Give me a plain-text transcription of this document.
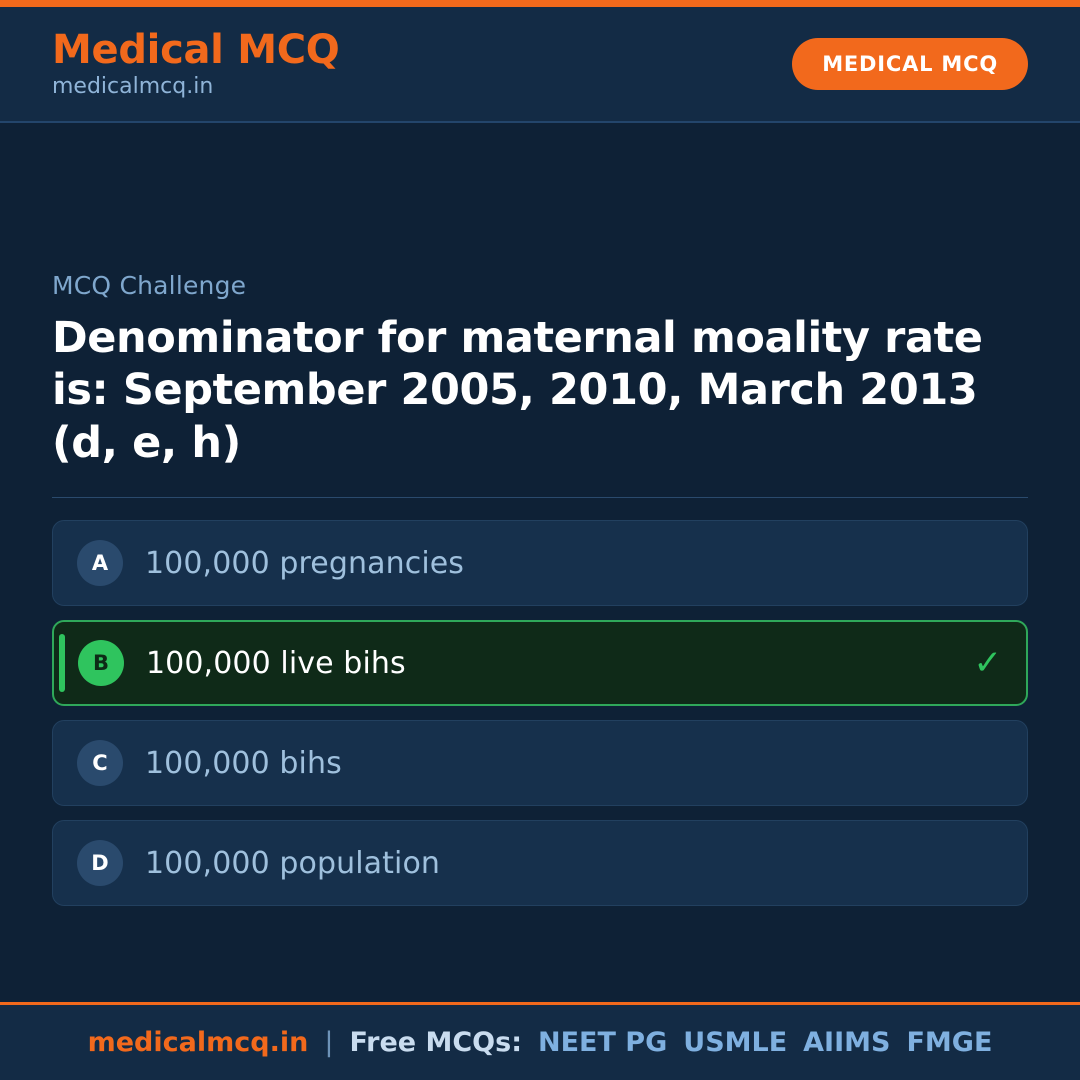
Medical MCQ
medicalmcq.in
MEDICAL MCQ
MCQ Challenge
Denominator for maternal moality rate is: September 2005, 2010, March 2013 (d, e, h)
A	100,000 pregnancies
B	100,000 live bihs	✓
C	100,000 bihs
D	100,000 population
medicalmcq.in | Free MCQs: NEET PG USMLE AIIMS FMGE
